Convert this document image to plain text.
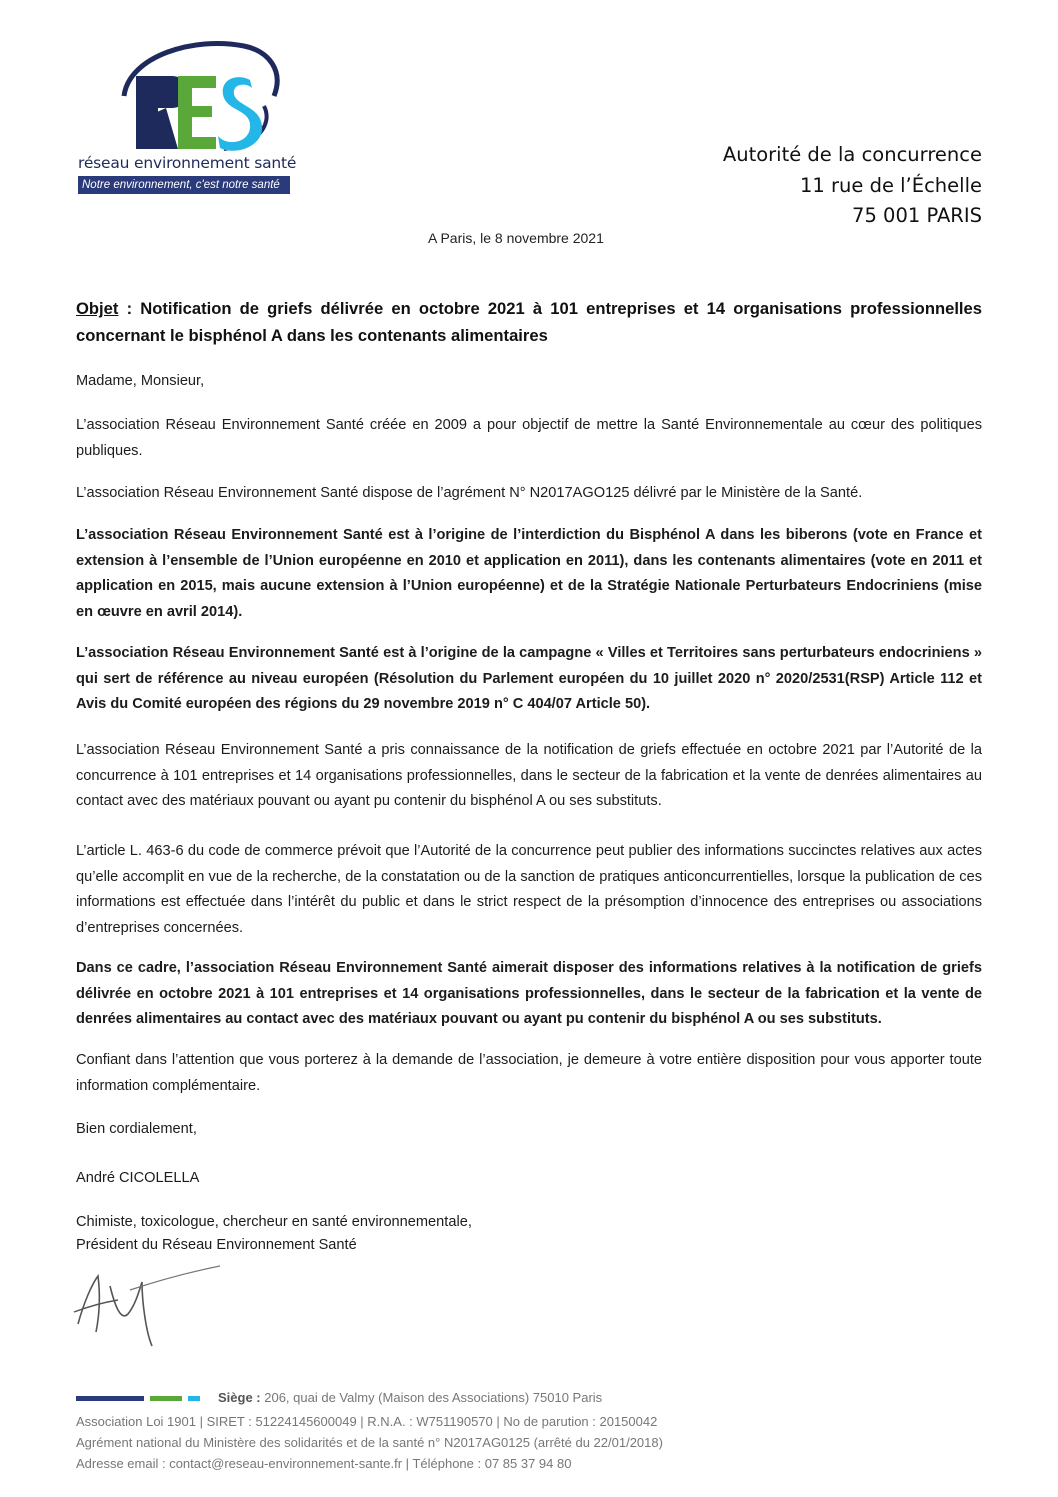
réseau environnement santé
Notre environnement, c'est notre santé
Autorité de la concurrence
11 rue de l’Échelle
75 001 PARIS
A Paris, le 8 novembre 2021
Objet : Notification de griefs délivrée en octobre 2021 à 101 entreprises et 14 organisations professionnelles concernant le bisphénol A dans les contenants alimentaires
Madame, Monsieur,
L’association Réseau Environnement Santé créée en 2009 a pour objectif de mettre la Santé Environnementale au cœur des politiques publiques.
L’association Réseau Environnement Santé dispose de l’agrément N° N2017AGO125 délivré par le Ministère de la Santé.
L’association Réseau Environnement Santé est à l’origine de l’interdiction du Bisphénol A dans les biberons (vote en France et extension à l’ensemble de l’Union européenne en 2010 et application en 2011), dans les contenants alimentaires (vote en 2011 et application en 2015, mais aucune extension à l’Union européenne) et de la Stratégie Nationale Perturbateurs Endocriniens (mise en œuvre en avril 2014).
L’association Réseau Environnement Santé est à l’origine de la campagne « Villes et Territoires sans perturbateurs endocriniens » qui sert de référence au niveau européen (Résolution du Parlement européen du 10 juillet 2020 n° 2020/2531(RSP) Article 112 et Avis du Comité européen des régions du 29 novembre 2019 n° C 404/07 Article 50).
L’association Réseau Environnement Santé a pris connaissance de la notification de griefs effectuée en octobre 2021 par l’Autorité de la concurrence à 101 entreprises et 14 organisations professionnelles, dans le secteur de la fabrication et la vente de denrées alimentaires au contact avec des matériaux pouvant ou ayant pu contenir du bisphénol A ou ses substituts.
L’article L. 463-6 du code de commerce prévoit que l’Autorité de la concurrence peut publier des informations succinctes relatives aux actes qu’elle accomplit en vue de la recherche, de la constatation ou de la sanction de pratiques anticoncurrentielles, lorsque la publication de ces informations est effectuée dans l’intérêt du public et dans le strict respect de la présomption d’innocence des entreprises ou associations d’entreprises concernées.
Dans ce cadre, l’association Réseau Environnement Santé aimerait disposer des informations relatives à la notification de griefs délivrée en octobre 2021 à 101 entreprises et 14 organisations professionnelles, dans le secteur de la fabrication et la vente de denrées alimentaires au contact avec des matériaux pouvant ou ayant pu contenir du bisphénol A ou ses substituts.
Confiant dans l’attention que vous porterez à la demande de l’association, je demeure à votre entière disposition pour vous apporter toute information complémentaire.
Bien cordialement,
André CICOLELLA
Chimiste, toxicologue, chercheur en santé environnementale,
Président du Réseau Environnement Santé
Siège : 206, quai de Valmy (Maison des Associations) 75010 Paris
Association Loi 1901 | SIRET : 51224145600049 | R.N.A. : W751190570 | No de parution : 20150042
Agrément national du Ministère des solidarités et de la santé n° N2017AG0125 (arrêté du 22/01/2018)
Adresse email : contact@reseau-environnement-sante.fr | Téléphone : 07 85 37 94 80
